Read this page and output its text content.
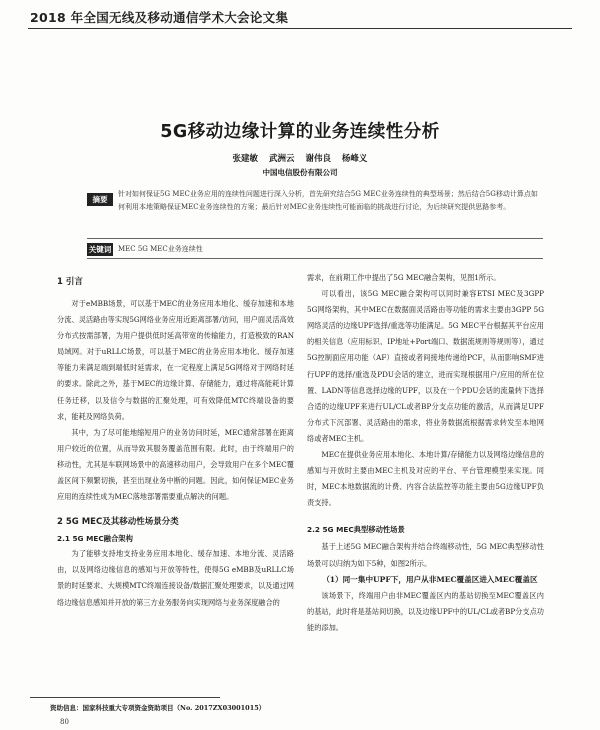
2018 年全国无线及移动通信学术大会论文集
5G移动边缘计算的业务连续性分析
张建敏 武洲云 谢伟良 杨峰义
中国电信股份有限公司
摘要
针对如何保证5G MEC业务应用的连续性问题进行深入分析，首先研究结合5G MEC业务连续性的典型场景；然后结合5G移动计算点如何利用本地策略保证MEC业务连续性的方案；最后针对MEC业务连续性可能面临的挑战进行讨论，为后续研究提供思路参考。
关键词 MEC 5G MEC业务连续性
1 引言

对于eMBB场景，可以基于MEC的业务应用本地化、缓存加速和本地分流、灵活路由等实现5G网络业务应用近距离部署/访问，用户面灵活高效分布式按需部署，为用户提供低时延高带宽的传输能力，打造极致的RAN局域网。对于uRLLC场景，可以基于MEC的业务应用本地化、缓存加速等能力来满足端到端低时延需求，在一定程度上满足5G网络对于网络时延的要求。除此之外，基于MEC的边缘计算、存储能力，通过将高能耗计算任务迁移，以及信令与数据的汇聚处理，可有效降低MTC终端设备的要求，能耗及网络负荷。

其中，为了尽可能地缩短用户的业务访问时延，MEC通常部署在距离用户较近的位置，从而导致其服务覆盖范围有限。此时，由于终端用户的移动性，尤其是车联网场景中的高速移动用户，会导致用户在多个MEC覆盖区间下频繁切换，甚至出现业务中断的问题。因此，如何保证MEC业务应用的连续性成为MEC落地部署需要重点解决的问题。

2 5G MEC及其移动性场景分类
2.1 5G MEC融合架构

为了能够支持地支持业务应用本地化、缓存加速、本地分流、灵活路由，以及网络边缘信息的感知与开放等特性，使得5G eMBB及uRLLC场景的时延要求、大规模MTC终端连接设备/数据汇聚处理要求，以及通过网络边缘信息感知并开放的第三方业务服务向实现网络与业务深度融合的

需求，在前期工作中提出了5G MEC融合架构，见图1所示。

可以看出，该5G MEC融合架构可以同时兼容ETSI MEC及3GPP 5G网络架构，其中MEC在数据面灵活路由等功能的需求主要由3GPP 5G网络灵活的边缘UPF选择/重选等功能满足。5G MEC平台根据其平台应用的相关信息（应用标识、IP地址+Port端口、数据流规则等规则等），通过5G控制面应用功能（AF）直接或者间接地传递给PCF，从而影响SMF进行UPF的选择/重选及PDU会话的建立，进而实现根据用户/应用的所在位置、LADN等信息选择边缘的UPF，以及在一个PDU会话的流量转下选择合适的边缘UPF来进行UL/CL或者BP分支点功能的激活，从而满足UPF分布式下沉部署、灵活路由的需求，将业务数据流根据需求转发至本地网络或者MEC主机。

MEC在提供业务应用本地化、本地计算/存储能力以及网络边缘信息的感知与开放时主要由MEC主机及对应的平台、平台管理模型来实现。同时，MEC本地数据流的计费、内容合法监控等功能主要由5G边缘UPF负责支持。

2.2 5G MEC典型移动性场景

基于上述5G MEC融合架构并结合终端移动性，5G MEC典型移动性场景可以归纳为如下5种，如图2所示。

（1）同一集中UPF下，用户从非MEC覆盖区进入MEC覆盖区

该场景下，终端用户由非MEC覆盖区内的基站切换至MEC覆盖区内的基站，此时将是基站间切换，以及边缘UPF中的UL/CL或者BP分支点功能的添加。

资助信息：国家科技重大专项资金资助项目（No. 2017ZX03001015）
80
